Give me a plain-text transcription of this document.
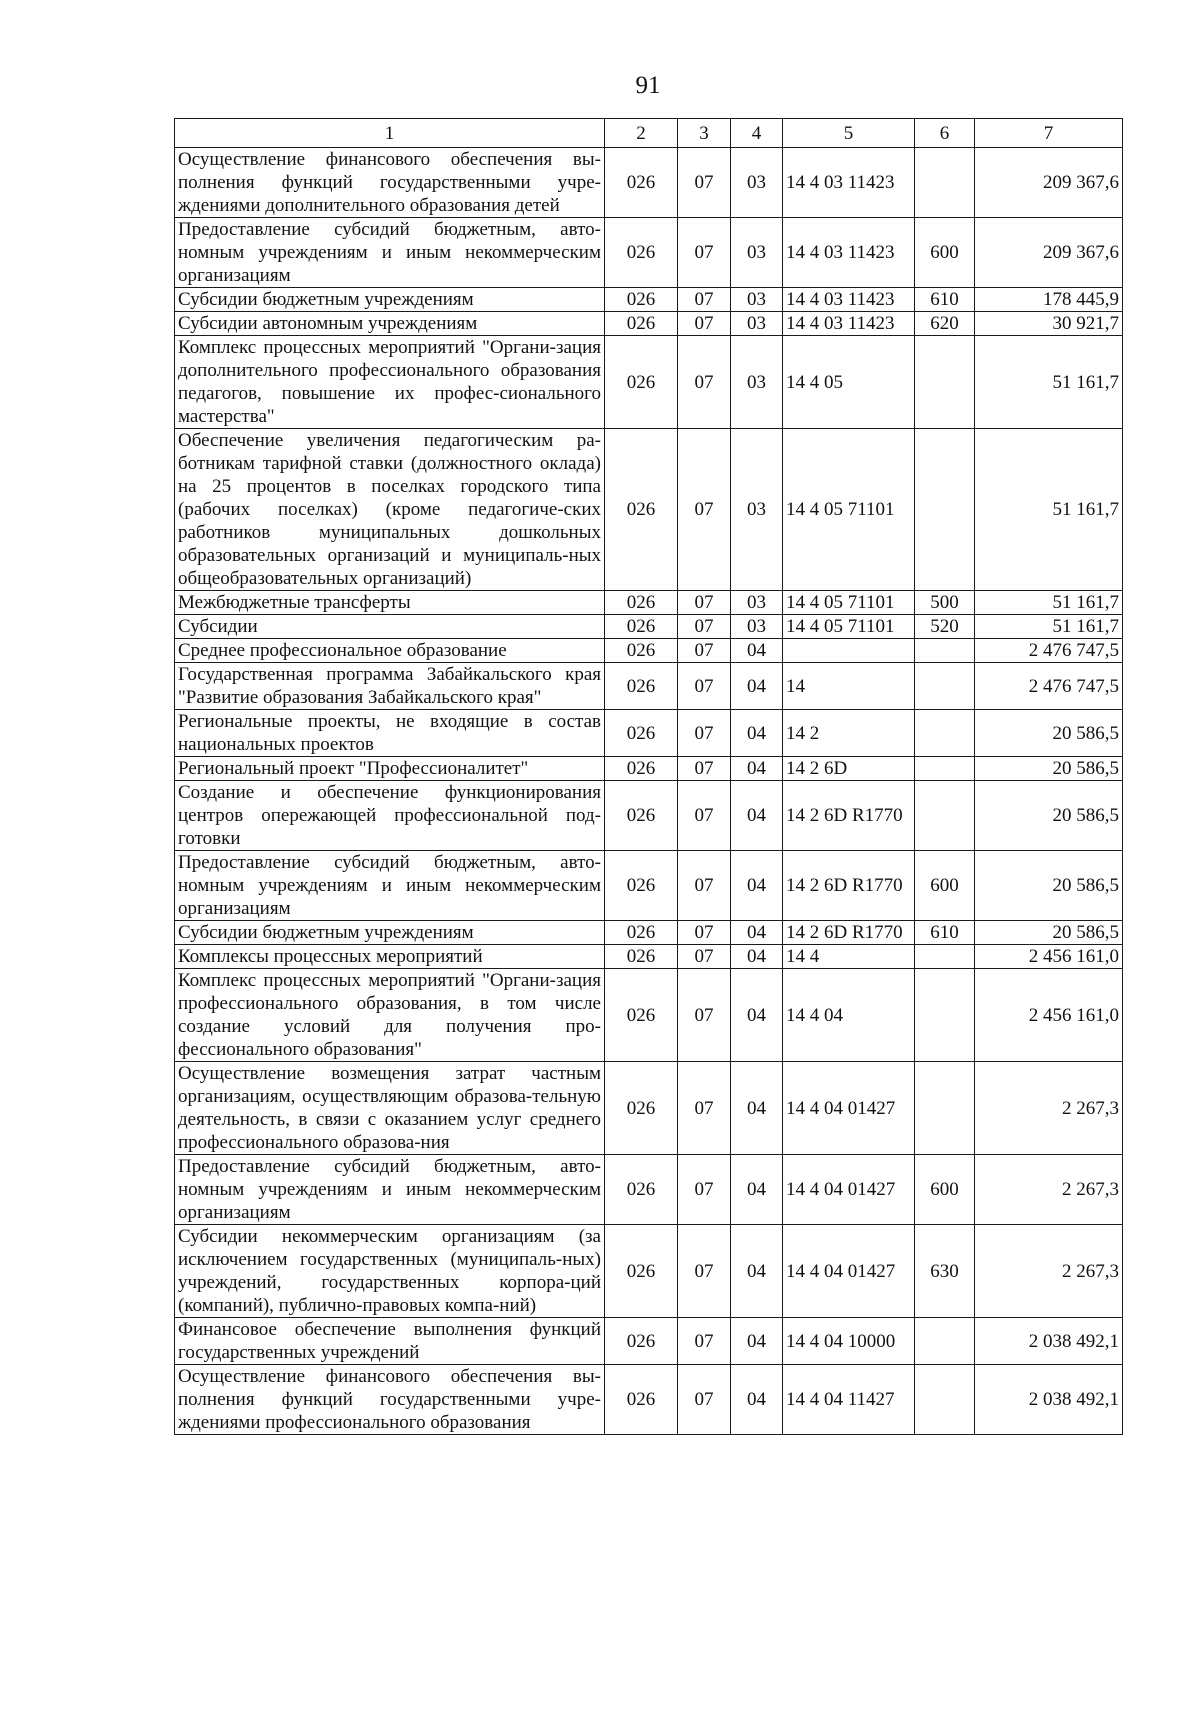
91
1	2	3	4	5	6	7
Осуществление финансового обеспечения вы-полнения функций государственными учре-ждениями дополнительного образования детей	026	07	03	14 4 03 11423		209 367,6
Предоставление субсидий бюджетным, авто-номным учреждениям и иным некоммерческим организациям	026	07	03	14 4 03 11423	600	209 367,6
Субсидии бюджетным учреждениям	026	07	03	14 4 03 11423	610	178 445,9
Субсидии автономным учреждениям	026	07	03	14 4 03 11423	620	30 921,7
Комплекс процессных мероприятий "Органи-зация дополнительного профессионального образования педагогов, повышение их профес-сионального мастерства"	026	07	03	14 4 05		51 161,7
Обеспечение увеличения педагогическим ра-ботникам тарифной ставки (должностного оклада) на 25 процентов в поселках городского типа (рабочих поселках) (кроме педагогиче-ских работников муниципальных дошкольных образовательных организаций и муниципаль-ных общеобразовательных организаций)	026	07	03	14 4 05 71101		51 161,7
Межбюджетные трансферты	026	07	03	14 4 05 71101	500	51 161,7
Субсидии	026	07	03	14 4 05 71101	520	51 161,7
Среднее профессиональное образование	026	07	04			2 476 747,5
Государственная программа Забайкальского края "Развитие образования Забайкальского края"	026	07	04	14		2 476 747,5
Региональные проекты, не входящие в состав национальных проектов	026	07	04	14 2		20 586,5
Региональный проект "Профессионалитет"	026	07	04	14 2 6D		20 586,5
Создание и обеспечение функционирования центров опережающей профессиональной под-готовки	026	07	04	14 2 6D R1770		20 586,5
Предоставление субсидий бюджетным, авто-номным учреждениям и иным некоммерческим организациям	026	07	04	14 2 6D R1770	600	20 586,5
Субсидии бюджетным учреждениям	026	07	04	14 2 6D R1770	610	20 586,5
Комплексы процессных мероприятий	026	07	04	14 4		2 456 161,0
Комплекс процессных мероприятий "Органи-зация профессионального образования, в том числе создание условий для получения про-фессионального образования"	026	07	04	14 4 04		2 456 161,0
Осуществление возмещения затрат частным организациям, осуществляющим образова-тельную деятельность, в связи с оказанием услуг среднего профессионального образова-ния	026	07	04	14 4 04 01427		2 267,3
Предоставление субсидий бюджетным, авто-номным учреждениям и иным некоммерческим организациям	026	07	04	14 4 04 01427	600	2 267,3
Субсидии некоммерческим организациям (за исключением государственных (муниципаль-ных) учреждений, государственных корпора-ций (компаний), публично-правовых компа-ний)	026	07	04	14 4 04 01427	630	2 267,3
Финансовое обеспечение выполнения функций государственных учреждений	026	07	04	14 4 04 10000		2 038 492,1
Осуществление финансового обеспечения вы-полнения функций государственными учре-ждениями профессионального образования	026	07	04	14 4 04 11427		2 038 492,1
